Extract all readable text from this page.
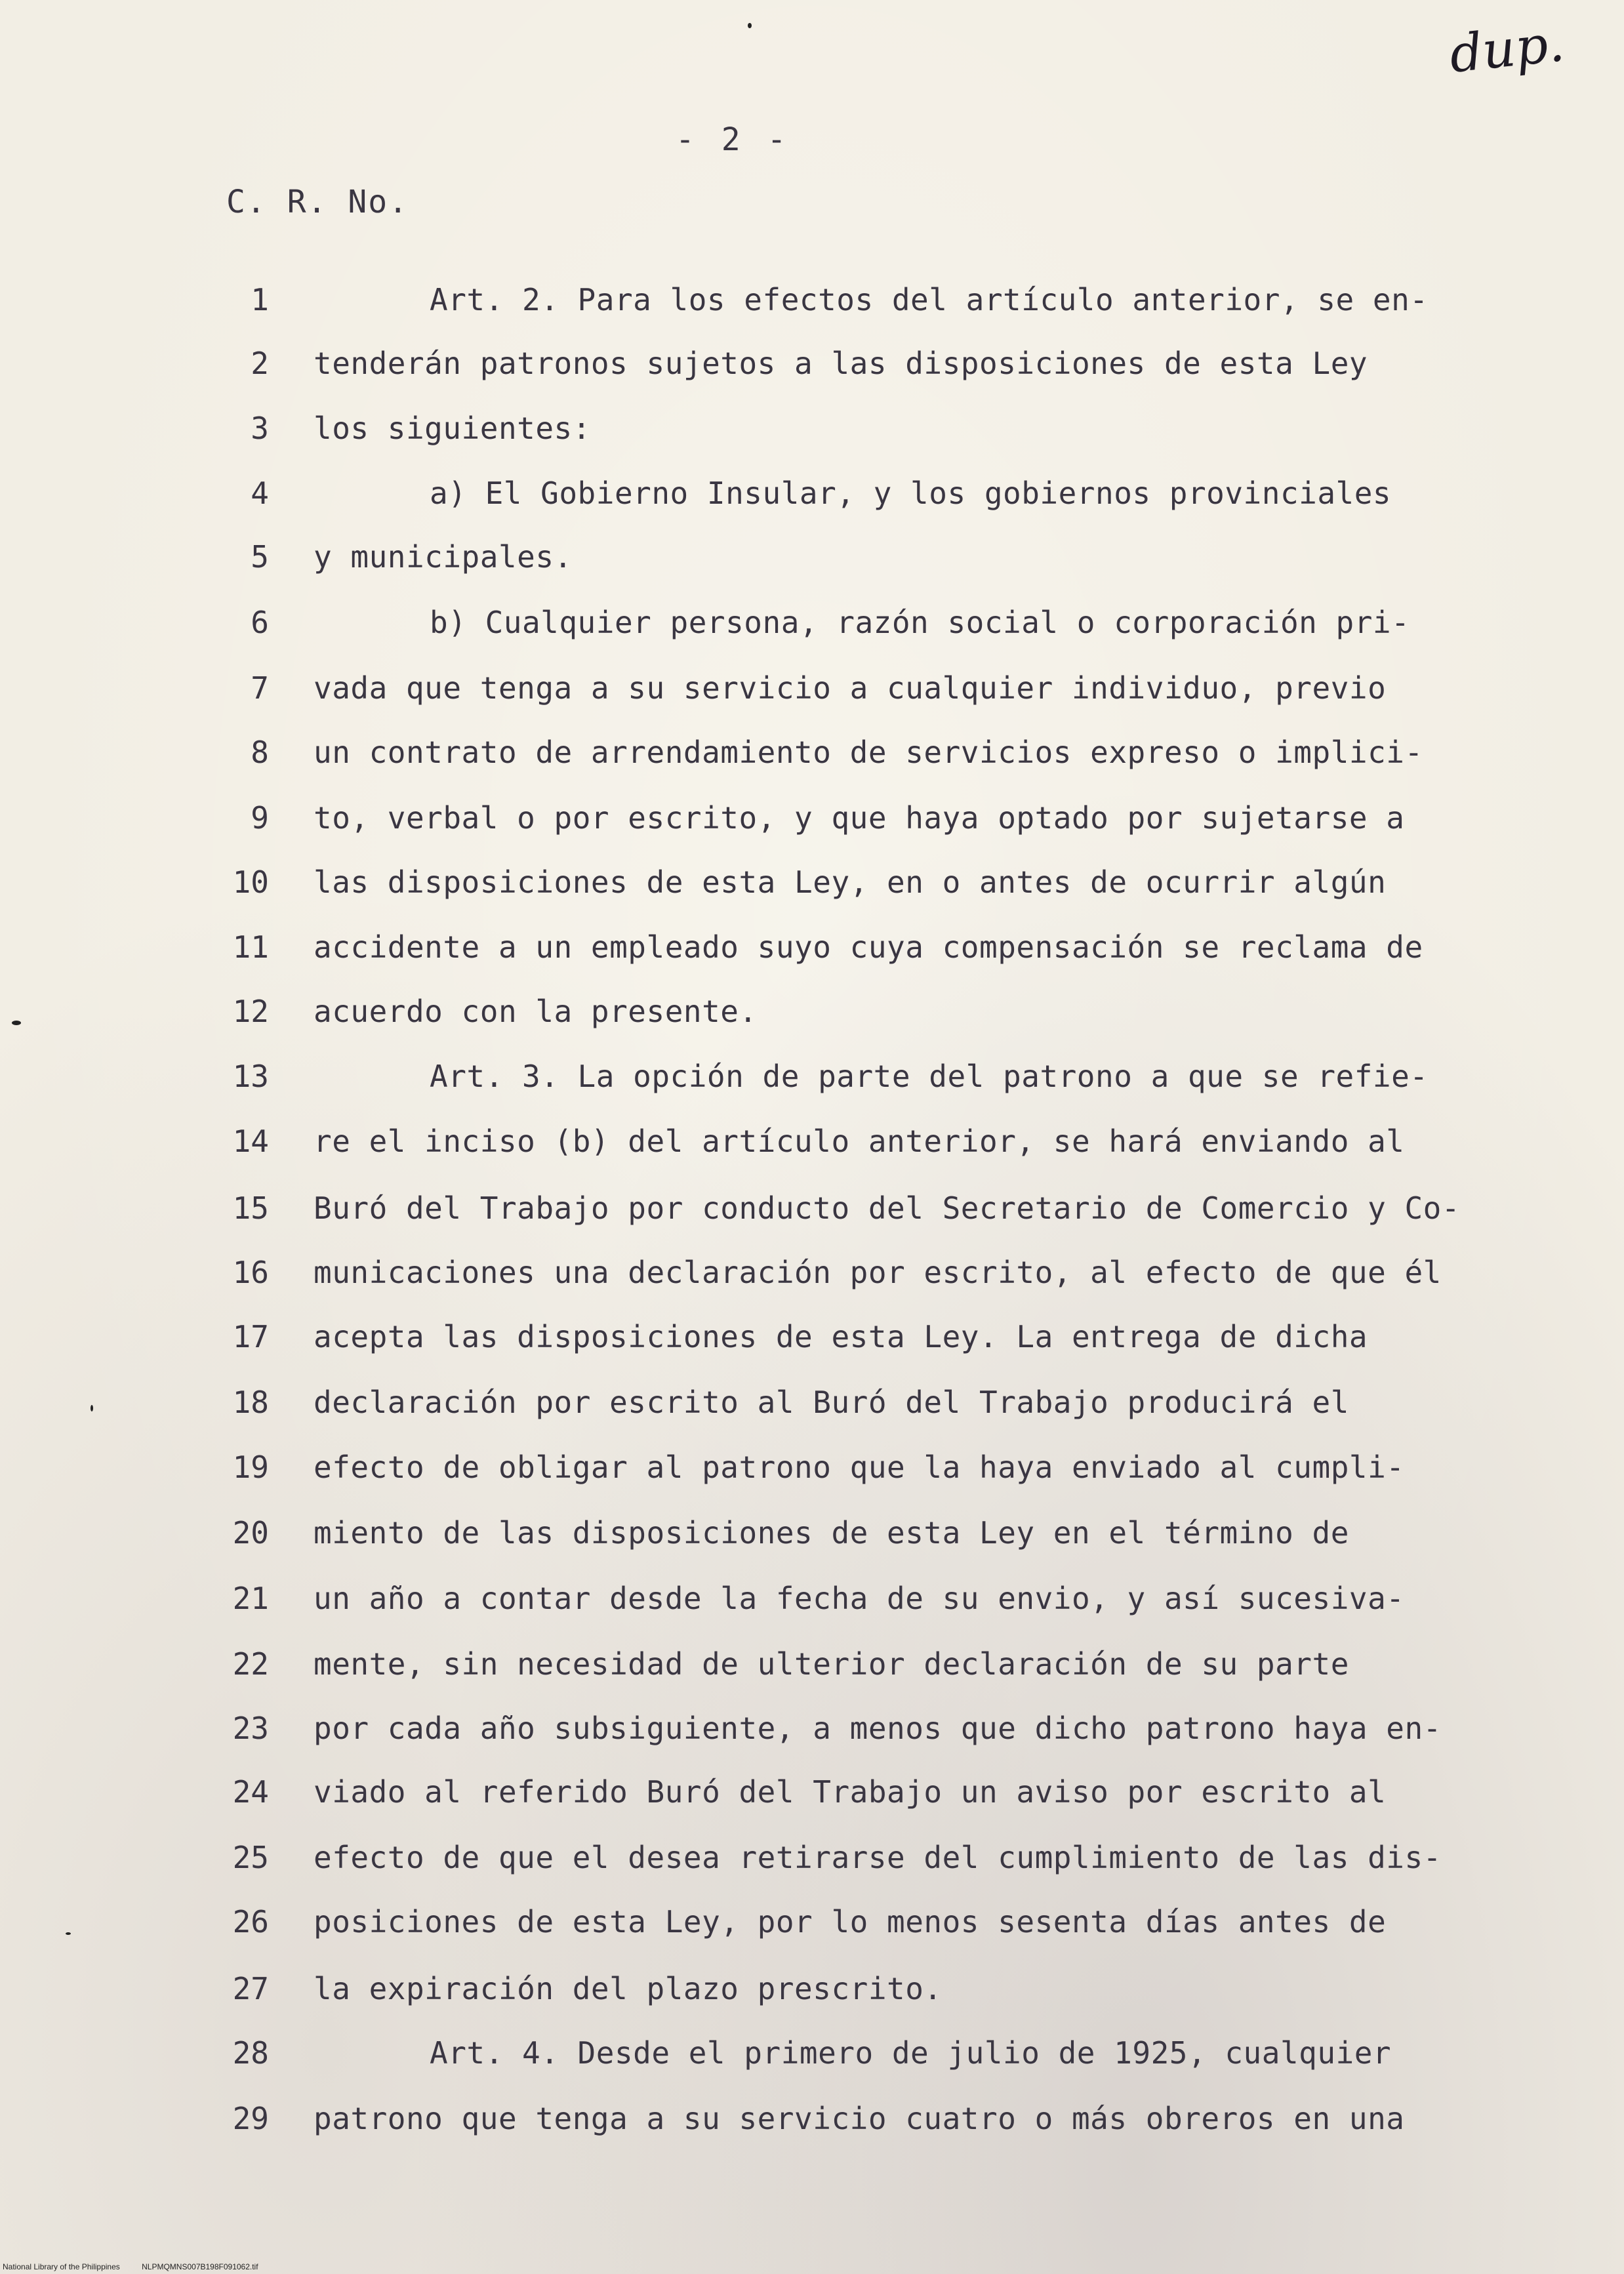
dup.
- 2 -
C. R. No.
1	Art. 2. Para los efectos del artículo anterior, se en-
2 tenderán patronos sujetos a las disposiciones de esta Ley
3 los siguientes:
4	a) El Gobierno Insular, y los gobiernos provinciales
5 y municipales.
6	b) Cualquier persona, razón social o corporación pri-
7 vada que tenga a su servicio a cualquier individuo, previo
8 un contrato de arrendamiento de servicios expreso o implici-
9 to, verbal o por escrito, y que haya optado por sujetarse a
10 las disposiciones de esta Ley, en o antes de ocurrir algún
11 accidente a un empleado suyo cuya compensación se reclama de
12 acuerdo con la presente.
13	Art. 3. La opción de parte del patrono a que se refie-
14 re el inciso (b) del artículo anterior, se hará enviando al
15 Buró del Trabajo por conducto del Secretario de Comercio y Co-
16 municaciones una declaración por escrito, al efecto de que él
17 acepta las disposiciones de esta Ley. La entrega de dicha
18 declaración por escrito al Buró del Trabajo producirá el
19 efecto de obligar al patrono que la haya enviado al cumpli-
20 miento de las disposiciones de esta Ley en el término de
21 un año a contar desde la fecha de su envio, y así sucesiva-
22 mente, sin necesidad de ulterior declaración de su parte
23 por cada año subsiguiente, a menos que dicho patrono haya en-
24 viado al referido Buró del Trabajo un aviso por escrito al
25 efecto de que el desea retirarse del cumplimiento de las dis-
26 posiciones de esta Ley, por lo menos sesenta días antes de
27 la expiración del plazo prescrito.
28	Art. 4. Desde el primero de julio de 1925, cualquier
29 patrono que tenga a su servicio cuatro o más obreros en una
National Library of the Philippines	NLPMQMNS007B198F091062.tif
